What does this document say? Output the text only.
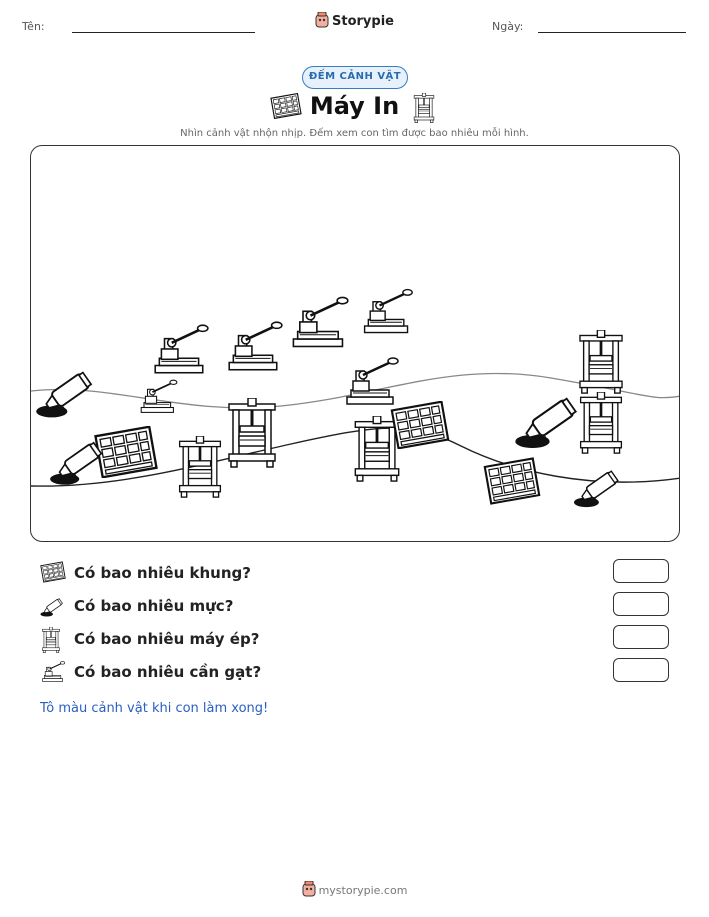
Tên:	Storypie	Ngày:
ĐẾM CẢNH VẬT
Máy In
Nhìn cảnh vật nhộn nhịp. Đếm xem con tìm được bao nhiêu mỗi hình.
Có bao nhiêu khung?
Có bao nhiêu mực?
Có bao nhiêu máy ép?
Có bao nhiêu cần gạt?
Tô màu cảnh vật khi con làm xong!
mystorypie.com
